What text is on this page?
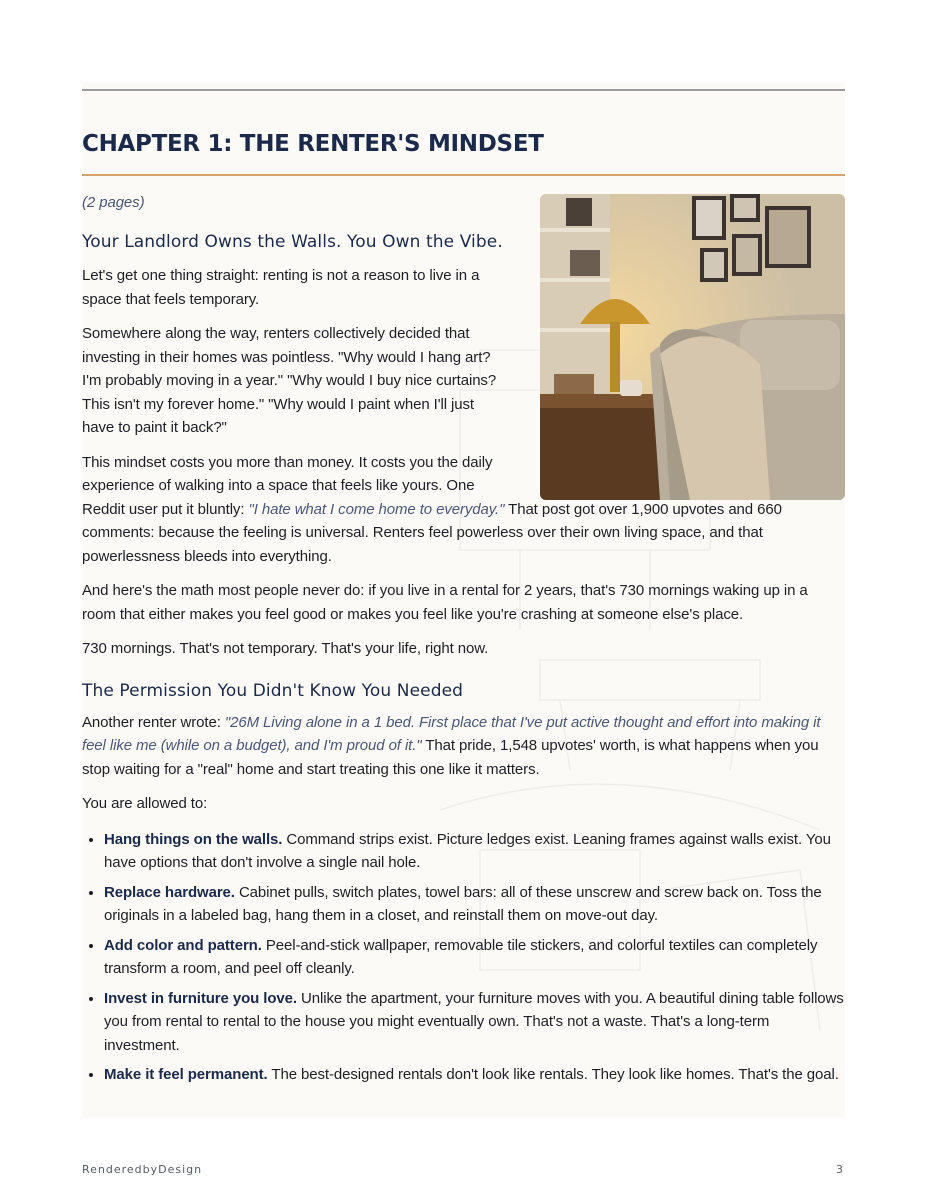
CHAPTER 1: THE RENTER'S MINDSET

(2 pages)

Your Landlord Owns the Walls. You Own the Vibe.

Let's get one thing straight: renting is not a reason to live in a space that feels temporary.

Somewhere along the way, renters collectively decided that investing in their homes was pointless. "Why would I hang art? I'm probably moving in a year." "Why would I buy nice curtains? This isn't my forever home." "Why would I paint when I'll just have to paint it back?"

This mindset costs you more than money. It costs you the daily experience of walking into a space that feels like yours. One Reddit user put it bluntly: "I hate what I come home to everyday." That post got over 1,900 upvotes and 660 comments: because the feeling is universal. Renters feel powerless over their own living space, and that powerlessness bleeds into everything.

And here's the math most people never do: if you live in a rental for 2 years, that's 730 mornings waking up in a room that either makes you feel good or makes you feel like you're crashing at someone else's place.

730 mornings. That's not temporary. That's your life, right now.

The Permission You Didn't Know You Needed

Another renter wrote: "26M Living alone in a 1 bed. First place that I've put active thought and effort into making it feel like me (while on a budget), and I'm proud of it." That pride, 1,548 upvotes' worth, is what happens when you stop waiting for a "real" home and start treating this one like it matters.

You are allowed to:

• Hang things on the walls. Command strips exist. Picture ledges exist. Leaning frames against walls exist. You have options that don't involve a single nail hole.
• Replace hardware. Cabinet pulls, switch plates, towel bars: all of these unscrew and screw back on. Toss the originals in a labeled bag, hang them in a closet, and reinstall them on move-out day.
• Add color and pattern. Peel-and-stick wallpaper, removable tile stickers, and colorful textiles can completely transform a room, and peel off cleanly.
• Invest in furniture you love. Unlike the apartment, your furniture moves with you. A beautiful dining table follows you from rental to rental to the house you might eventually own. That's not a waste. That's a long-term investment.
• Make it feel permanent. The best-designed rentals don't look like rentals. They look like homes. That's the goal.
RenderedbyDesign	3
